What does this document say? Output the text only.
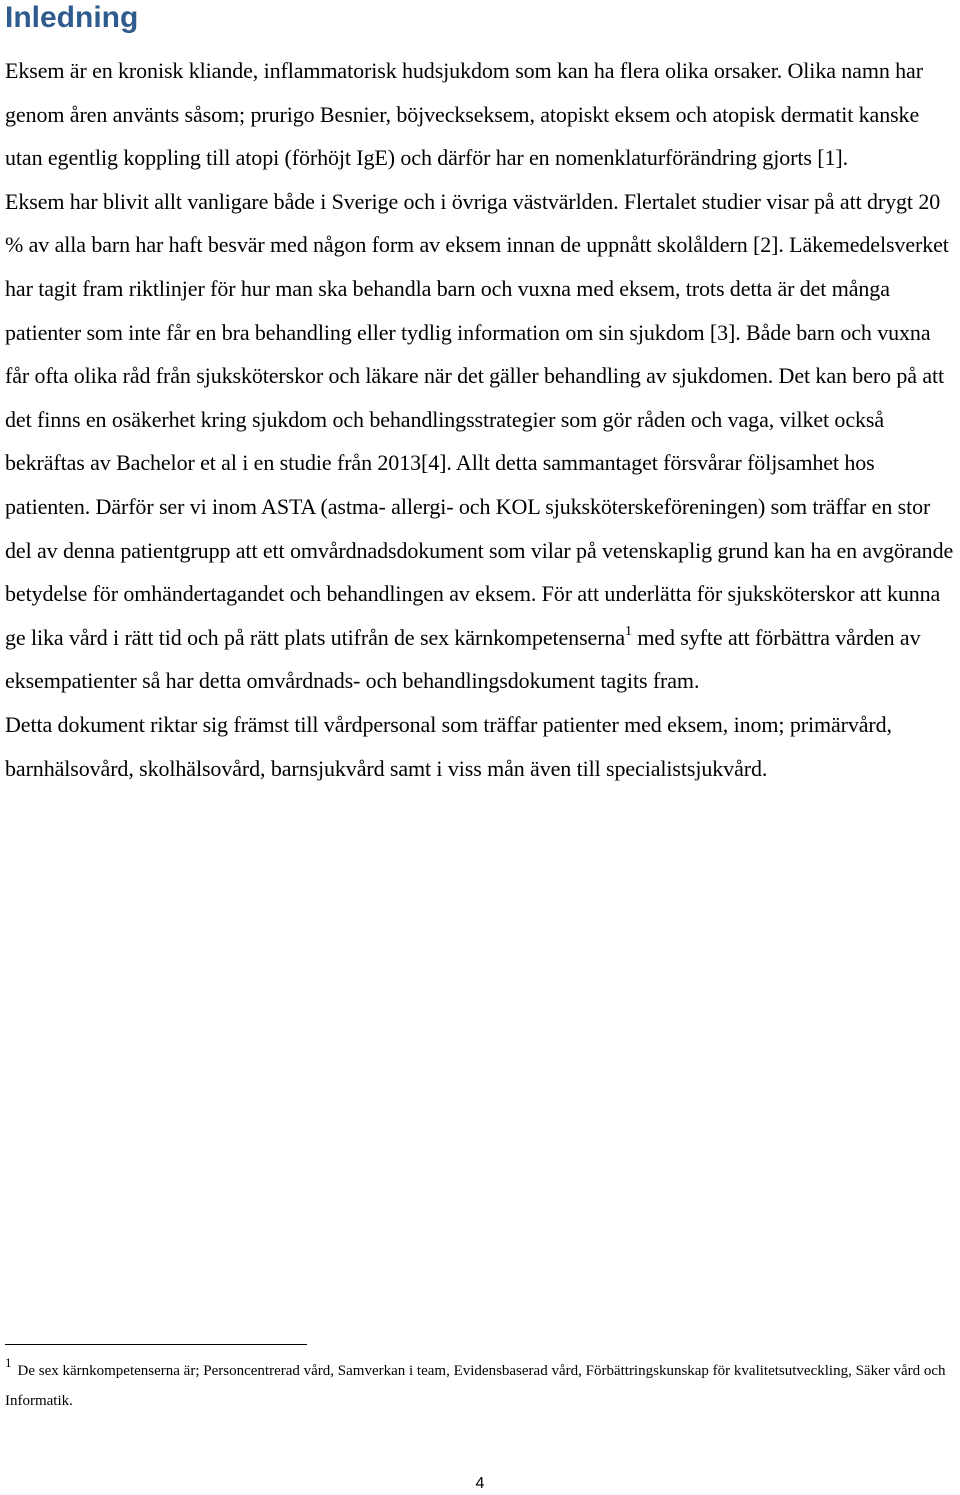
Inledning

Eksem är en kronisk kliande, inflammatorisk hudsjukdom som kan ha flera olika orsaker. Olika namn har genom åren använts såsom; prurigo Besnier, böjveckseksem, atopiskt eksem och atopisk dermatit kanske utan egentlig koppling till atopi (förhöjt IgE) och därför har en nomenklaturförändring gjorts [1].

Eksem har blivit allt vanligare både i Sverige och i övriga västvärlden. Flertalet studier visar på att drygt 20 % av alla barn har haft besvär med någon form av eksem innan de uppnått skolåldern [2]. Läkemedelsverket har tagit fram riktlinjer för hur man ska behandla barn och vuxna med eksem, trots detta är det många patienter som inte får en bra behandling eller tydlig information om sin sjukdom [3]. Både barn och vuxna får ofta olika råd från sjuksköterskor och läkare när det gäller behandling av sjukdomen. Det kan bero på att det finns en osäkerhet kring sjukdom och behandlingsstrategier som gör råden och vaga, vilket också bekräftas av Bachelor et al i en studie från 2013[4]. Allt detta sammantaget försvårar följsamhet hos patienten. Därför ser vi inom ASTA (astma- allergi- och KOL sjuksköterskeföreningen) som träffar en stor del av denna patientgrupp att ett omvårdnadsdokument som vilar på vetenskaplig grund kan ha en avgörande betydelse för omhändertagandet och behandlingen av eksem. För att underlätta för sjuksköterskor att kunna ge lika vård i rätt tid och på rätt plats utifrån de sex kärnkompetenserna$^1$ med syfte att förbättra vården av eksempatienter så har detta omvårdnads- och behandlingsdokument tagits fram.

Detta dokument riktar sig främst till vårdpersonal som träffar patienter med eksem, inom; primärvård, barnhälsovård, skolhälsovård, barnsjukvård samt i viss mån även till specialistsjukvård.

1De sex kärnkompetenserna är; Personcentrerad vård, Samverkan i team, Evidensbaserad vård, Förbättringskunskap för kvalitetsutveckling, Säker vård och Informatik.
4
